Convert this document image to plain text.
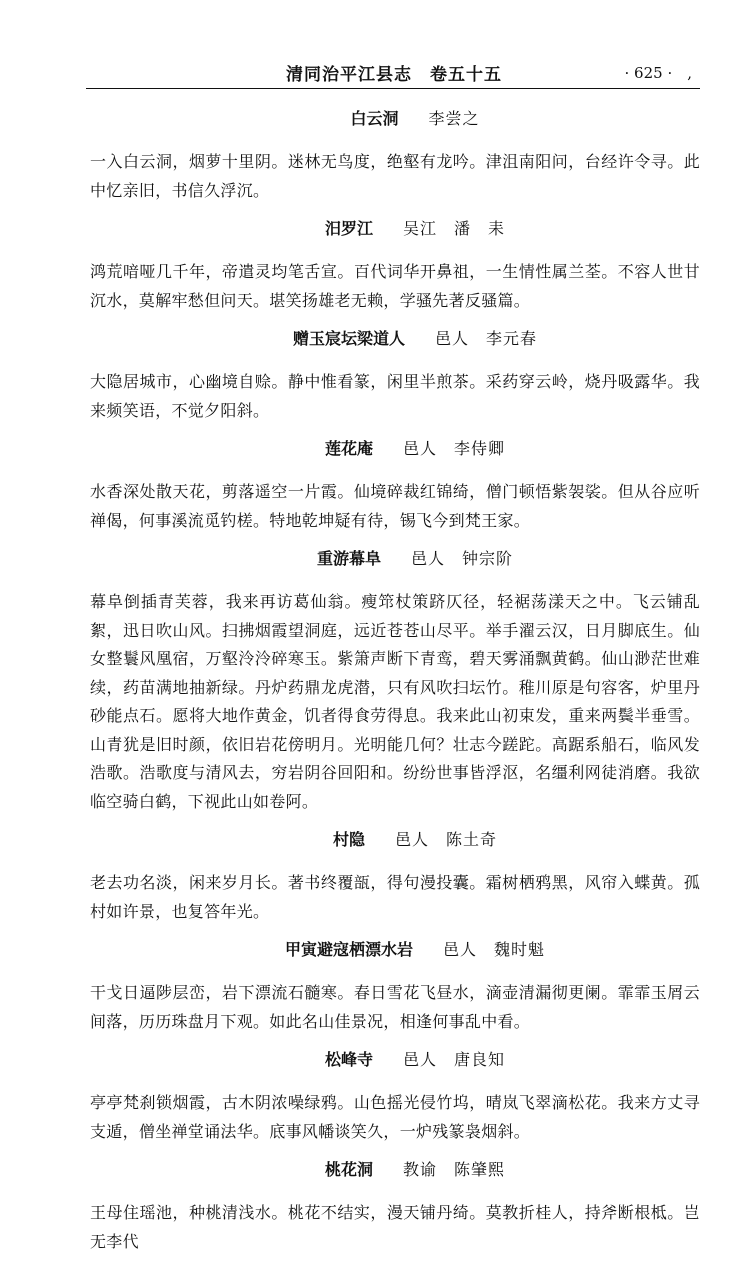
清同治平江县志　卷五十五	· 625 ·　,
白云洞 李尝之
一入白云洞，烟萝十里阴。迷林无鸟度，绝壑有龙吟。津沮南阳问，台经许令寻。此中忆亲旧，书信久浮沉。
汨罗江 吴江　潘　耒
鸿荒喑哑几千年，帝遣灵均笔舌宣。百代词华开鼻祖，一生情性属兰荃。不容人世甘沉水，莫解牢愁但问天。堪笑扬雄老无赖，学骚先著反骚篇。
赠玉宸坛梁道人 邑人　李元春
大隐居城市，心幽境自赊。静中惟看篆，闲里半煎茶。采药穿云岭，烧丹吸露华。我来频笑语，不觉夕阳斜。
莲花庵 邑人　李侍卿
水香深处散天花，剪落遥空一片霞。仙境碎裁红锦绮，僧门顿悟紫袈裟。但从谷应听禅偈，何事溪流觅钓槎。特地乾坤疑有待，锡飞今到梵王家。
重游幕阜 邑人　钟宗阶
幕阜倒插青芙蓉，我来再访葛仙翁。瘦筇杖策跻仄径，轻裾荡漾天之中。飞云铺乱絮，迅日吹山风。扫拂烟霞望洞庭，远近苍苍山尽平。举手濯云汉，日月脚底生。仙女整鬟风凰宿，万壑泠泠碎寒玉。紫箫声断下青鸾，碧天雾涌飘黄鹤。仙山渺茫世难续，药苗满地抽新绿。丹炉药鼎龙虎潜，只有风吹扫坛竹。稚川原是句容客，炉里丹砂能点石。愿将大地作黄金，饥者得食劳得息。我来此山初束发，重来两鬓半垂雪。山青犹是旧时颜，依旧岩花傍明月。光明能几何？壮志今蹉跎。高踞系船石，临风发浩歌。浩歌度与清风去，穷岩阴谷回阳和。纷纷世事皆浮沤，名缰利网徒消磨。我欲临空骑白鹤，下视此山如卷阿。
村隐 邑人　陈土奇
老去功名淡，闲来岁月长。著书终覆瓿，得句漫投囊。霜树栖鸦黑，风帘入蝶黄。孤村如许景，也复答年光。
甲寅避寇栖漂水岩 邑人　魏时魁
干戈日逼陟层峦，岩下漂流石髓寒。春日雪花飞昼水，滴壶清漏彻更阑。霏霏玉屑云间落，历历珠盘月下观。如此名山佳景况，相逢何事乱中看。
松峰寺 邑人　唐良知
亭亭梵刹锁烟霞，古木阴浓噪绿鸦。山色摇光侵竹坞，晴岚飞翠滴松花。我来方丈寻支遁，僧坐禅堂诵法华。底事风幡谈笑久，一炉残篆袅烟斜。
桃花洞 教谕　陈肇熙
王母住瑶池，种桃清浅水。桃花不结实，漫天铺丹绮。莫教折桂人，持斧断根柢。岂无李代
